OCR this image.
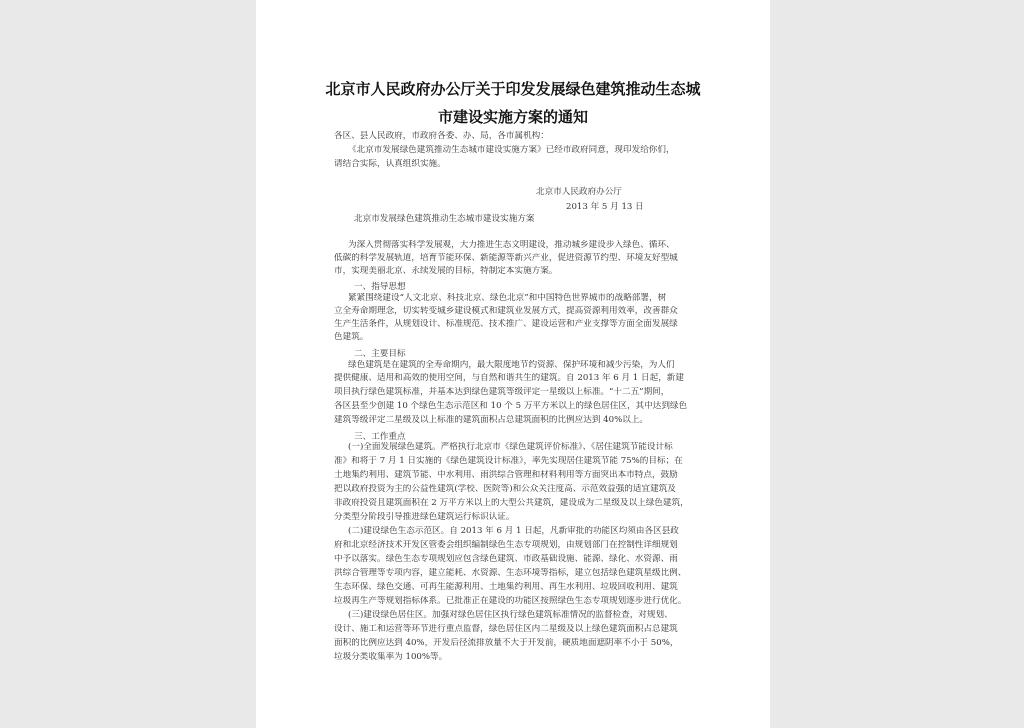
北京市人民政府办公厅关于印发发展绿色建筑推动生态城
市建设实施方案的通知
各区、县人民政府，市政府各委、办、局，各市属机构：
《北京市发展绿色建筑推动生态城市建设实施方案》已经市政府同意，现印发给你们，
请结合实际，认真组织实施。
北京市人民政府办公厅
2013 年 5 月 13 日
北京市发展绿色建筑推动生态城市建设实施方案
为深入贯彻落实科学发展观，大力推进生态文明建设，推动城乡建设步入绿色、循环、
低碳的科学发展轨道，培育节能环保、新能源等新兴产业，促进资源节约型、环境友好型城
市，实现美丽北京、永续发展的目标，特制定本实施方案。
一、指导思想
紧紧围绕建设“人文北京、科技北京、绿色北京”和中国特色世界城市的战略部署，树
立全寿命期理念，切实转变城乡建设模式和建筑业发展方式，提高资源利用效率，改善群众
生产生活条件，从规划设计、标准规范、技术推广、建设运营和产业支撑等方面全面发展绿
色建筑。
二、主要目标
绿色建筑是在建筑的全寿命期内，最大限度地节约资源、保护环境和减少污染，为人们
提供健康、适用和高效的使用空间，与自然和谐共生的建筑。自 2013 年 6 月 1 日起，新建
项目执行绿色建筑标准，并基本达到绿色建筑等级评定一星级以上标准。“十二五”期间，
各区县至少创建 10 个绿色生态示范区和 10 个 5 万平方米以上的绿色居住区，其中达到绿色
建筑等级评定二星级及以上标准的建筑面积占总建筑面积的比例应达到 40%以上。
三、工作重点
(一)全面发展绿色建筑。严格执行北京市《绿色建筑评价标准》、《居住建筑节能设计标
准》和将于 7 月 1 日实施的《绿色建筑设计标准》，率先实现居住建筑节能 75%的目标；在
土地集约利用、建筑节能、中水利用、雨洪综合管理和材料利用等方面突出本市特点，鼓励
把以政府投资为主的公益性建筑(学校、医院等)和公众关注度高、示范效益强的适宜建筑及
非政府投资且建筑面积在 2 万平方米以上的大型公共建筑，建设成为二星级及以上绿色建筑，
分类型分阶段引导推进绿色建筑运行标识认证。
(二)建设绿色生态示范区。自 2013 年 6 月 1 日起，凡新审批的功能区均须由各区县政
府和北京经济技术开发区管委会组织编制绿色生态专项规划，由规划部门在控制性详细规划
中予以落实。绿色生态专项规划应包含绿色建筑、市政基础设施、能源、绿化、水资源、雨
洪综合管理等专项内容，建立能耗、水资源、生态环境等指标，建立包括绿色建筑星级比例、
生态环保、绿色交通、可再生能源利用、土地集约利用、再生水利用、垃圾回收利用、建筑
垃圾再生产等规划指标体系。已批准正在建设的功能区按照绿色生态专项规划逐步进行优化。
(三)建设绿色居住区。加强对绿色居住区执行绿色建筑标准情况的监督检查，对规划、
设计、施工和运营等环节进行重点监督，绿色居住区内二星级及以上绿色建筑面积占总建筑
面积的比例应达到 40%，开发后径流排放量不大于开发前，硬质地面遮阴率不小于 50%，
垃圾分类收集率为 100%等。
